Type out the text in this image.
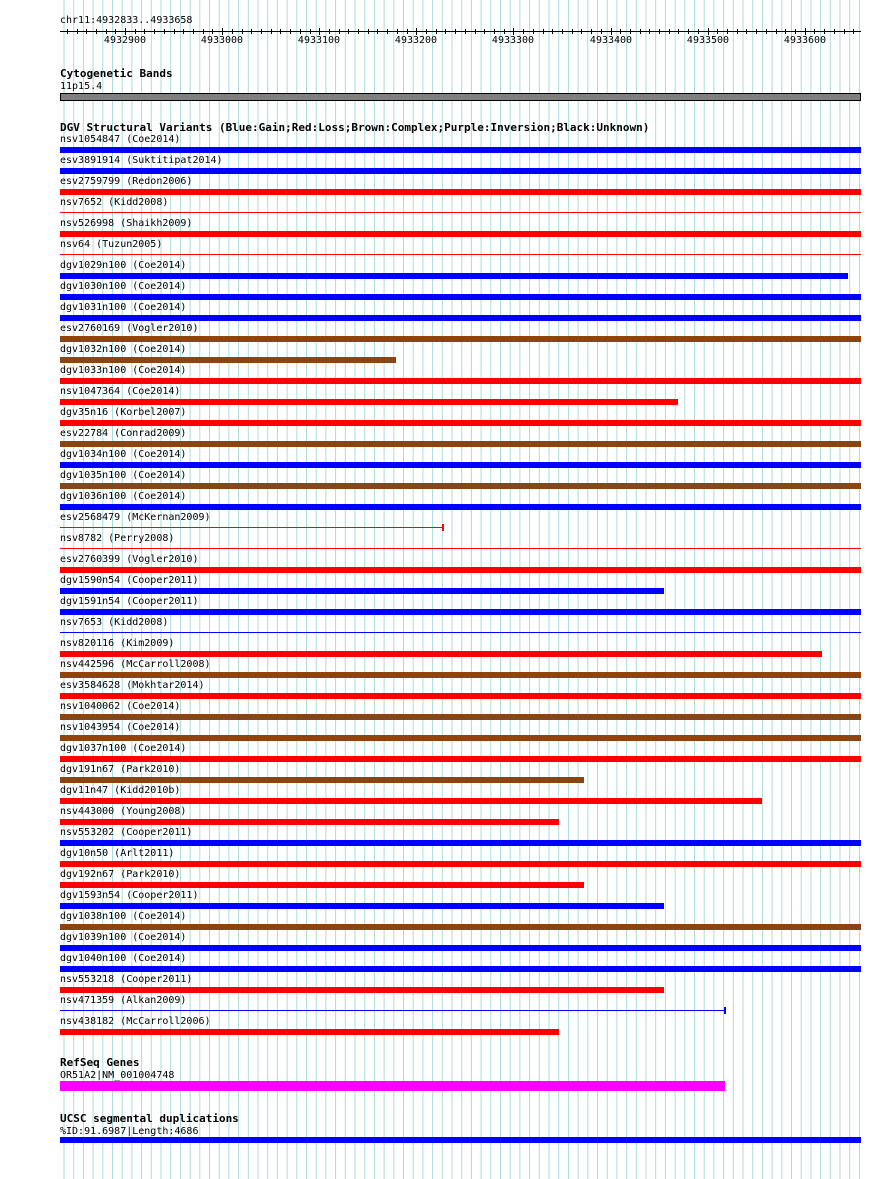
chr11:4932833..4933658
4932900	4933000	4933100	4933200	4933300	4933400	4933500	4933600
Cytogenetic Bands
11p15.4
DGV Structural Variants (Blue:Gain;Red:Loss;Brown:Complex;Purple:Inversion;Black:Unknown)
nsv1054847 (Coe2014)
esv3891914 (Suktitipat2014)
esv2759799 (Redon2006)
nsv7652 (Kidd2008)
nsv526998 (Shaikh2009)
nsv64 (Tuzun2005)
dgv1029n100 (Coe2014)
dgv1030n100 (Coe2014)
dgv1031n100 (Coe2014)
esv2760169 (Vogler2010)
dgv1032n100 (Coe2014)
dgv1033n100 (Coe2014)
nsv1047364 (Coe2014)
dgv35n16 (Korbel2007)
esv22784 (Conrad2009)
dgv1034n100 (Coe2014)
dgv1035n100 (Coe2014)
dgv1036n100 (Coe2014)
esv2568479 (McKernan2009)
nsv8782 (Perry2008)
esv2760399 (Vogler2010)
dgv1590n54 (Cooper2011)
dgv1591n54 (Cooper2011)
nsv7653 (Kidd2008)
nsv820116 (Kim2009)
nsv442596 (McCarroll2008)
esv3584628 (Mokhtar2014)
nsv1040062 (Coe2014)
nsv1043954 (Coe2014)
dgv1037n100 (Coe2014)
dgv191n67 (Park2010)
dgv11n47 (Kidd2010b)
nsv443000 (Young2008)
nsv553202 (Cooper2011)
dgv10n50 (Arlt2011)
dgv192n67 (Park2010)
dgv1593n54 (Cooper2011)
dgv1038n100 (Coe2014)
dgv1039n100 (Coe2014)
dgv1040n100 (Coe2014)
nsv553218 (Cooper2011)
nsv471359 (Alkan2009)
nsv438182 (McCarroll2006)
RefSeq Genes
OR51A2|NM_001004748
UCSC segmental duplications
%ID:91.6987|Length:4686
